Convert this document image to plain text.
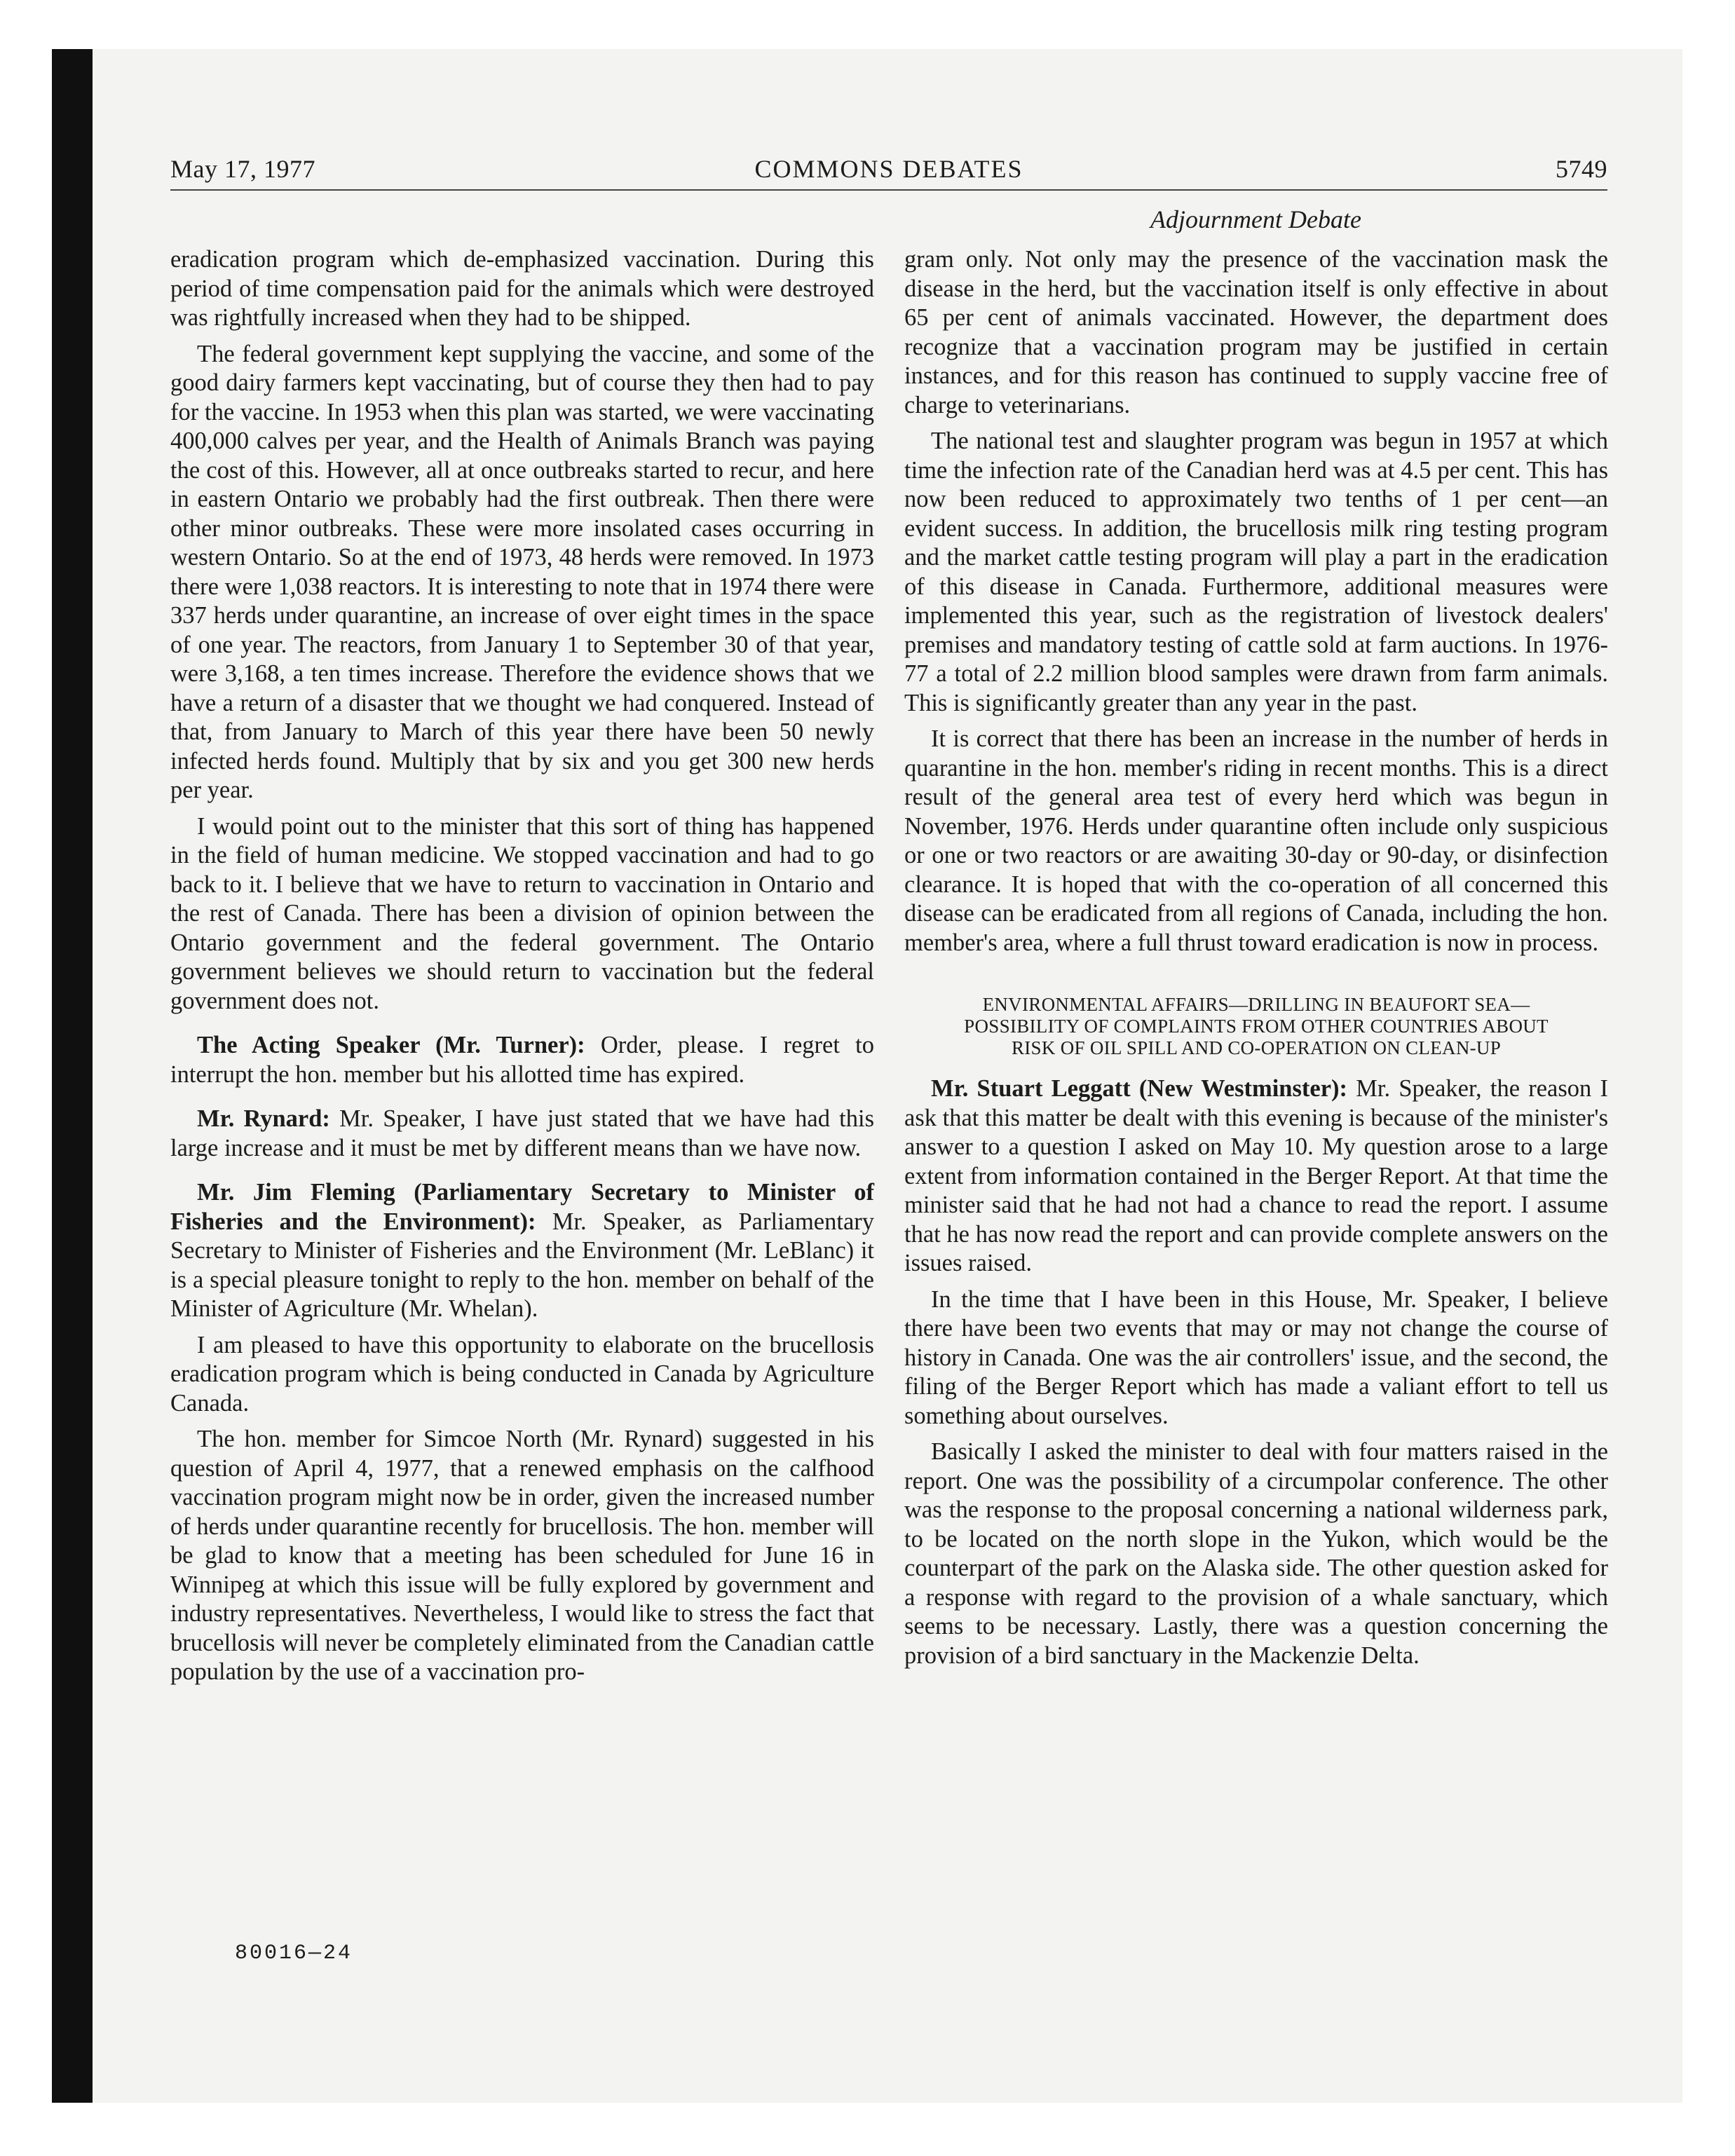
May 17, 1977	COMMONS DEBATES	5749
Adjournment Debate

eradication program which de-emphasized vaccination. During this period of time compensation paid for the animals which were destroyed was rightfully increased when they had to be shipped.

The federal government kept supplying the vaccine, and some of the good dairy farmers kept vaccinating, but of course they then had to pay for the vaccine. In 1953 when this plan was started, we were vaccinating 400,000 calves per year, and the Health of Animals Branch was paying the cost of this. However, all at once outbreaks started to recur, and here in eastern Ontario we probably had the first outbreak. Then there were other minor outbreaks. These were more insolated cases occurring in western Ontario. So at the end of 1973, 48 herds were removed. In 1973 there were 1,038 reactors. It is interesting to note that in 1974 there were 337 herds under quarantine, an increase of over eight times in the space of one year. The reactors, from January 1 to September 30 of that year, were 3,168, a ten times increase. Therefore the evidence shows that we have a return of a disaster that we thought we had conquered. Instead of that, from January to March of this year there have been 50 newly infected herds found. Multiply that by six and you get 300 new herds per year.

I would point out to the minister that this sort of thing has happened in the field of human medicine. We stopped vaccination and had to go back to it. I believe that we have to return to vaccination in Ontario and the rest of Canada. There has been a division of opinion between the Ontario government and the federal government. The Ontario government believes we should return to vaccination but the federal government does not.

The Acting Speaker (Mr. Turner): Order, please. I regret to interrupt the hon. member but his allotted time has expired.

Mr. Rynard: Mr. Speaker, I have just stated that we have had this large increase and it must be met by different means than we have now.

Mr. Jim Fleming (Parliamentary Secretary to Minister of Fisheries and the Environment): Mr. Speaker, as Parliamentary Secretary to Minister of Fisheries and the Environment (Mr. LeBlanc) it is a special pleasure tonight to reply to the hon. member on behalf of the Minister of Agriculture (Mr. Whelan).

I am pleased to have this opportunity to elaborate on the brucellosis eradication program which is being conducted in Canada by Agriculture Canada.

The hon. member for Simcoe North (Mr. Rynard) suggested in his question of April 4, 1977, that a renewed emphasis on the calfhood vaccination program might now be in order, given the increased number of herds under quarantine recently for brucellosis. The hon. member will be glad to know that a meeting has been scheduled for June 16 in Winnipeg at which this issue will be fully explored by government and industry representatives. Nevertheless, I would like to stress the fact that brucellosis will never be completely eliminated from the Canadian cattle population by the use of a vaccination pro-

gram only. Not only may the presence of the vaccination mask the disease in the herd, but the vaccination itself is only effective in about 65 per cent of animals vaccinated. However, the department does recognize that a vaccination program may be justified in certain instances, and for this reason has continued to supply vaccine free of charge to veterinarians.

The national test and slaughter program was begun in 1957 at which time the infection rate of the Canadian herd was at 4.5 per cent. This has now been reduced to approximately two tenths of 1 per cent—an evident success. In addition, the brucellosis milk ring testing program and the market cattle testing program will play a part in the eradication of this disease in Canada. Furthermore, additional measures were implemented this year, such as the registration of livestock dealers' premises and mandatory testing of cattle sold at farm auctions. In 1976-77 a total of 2.2 million blood samples were drawn from farm animals. This is significantly greater than any year in the past.

It is correct that there has been an increase in the number of herds in quarantine in the hon. member's riding in recent months. This is a direct result of the general area test of every herd which was begun in November, 1976. Herds under quarantine often include only suspicious or one or two reactors or are awaiting 30-day or 90-day, or disinfection clearance. It is hoped that with the co-operation of all concerned this disease can be eradicated from all regions of Canada, including the hon. member's area, where a full thrust toward eradication is now in process.

ENVIRONMENTAL AFFAIRS—DRILLING IN BEAUFORT SEA—
POSSIBILITY OF COMPLAINTS FROM OTHER COUNTRIES ABOUT
RISK OF OIL SPILL AND CO-OPERATION ON CLEAN-UP

Mr. Stuart Leggatt (New Westminster): Mr. Speaker, the reason I ask that this matter be dealt with this evening is because of the minister's answer to a question I asked on May 10. My question arose to a large extent from information contained in the Berger Report. At that time the minister said that he had not had a chance to read the report. I assume that he has now read the report and can provide complete answers on the issues raised.

In the time that I have been in this House, Mr. Speaker, I believe there have been two events that may or may not change the course of history in Canada. One was the air controllers' issue, and the second, the filing of the Berger Report which has made a valiant effort to tell us something about ourselves.

Basically I asked the minister to deal with four matters raised in the report. One was the possibility of a circumpolar conference. The other was the response to the proposal concerning a national wilderness park, to be located on the north slope in the Yukon, which would be the counterpart of the park on the Alaska side. The other question asked for a response with regard to the provision of a whale sanctuary, which seems to be necessary. Lastly, there was a question concerning the provision of a bird sanctuary in the Mackenzie Delta.

80016—24
